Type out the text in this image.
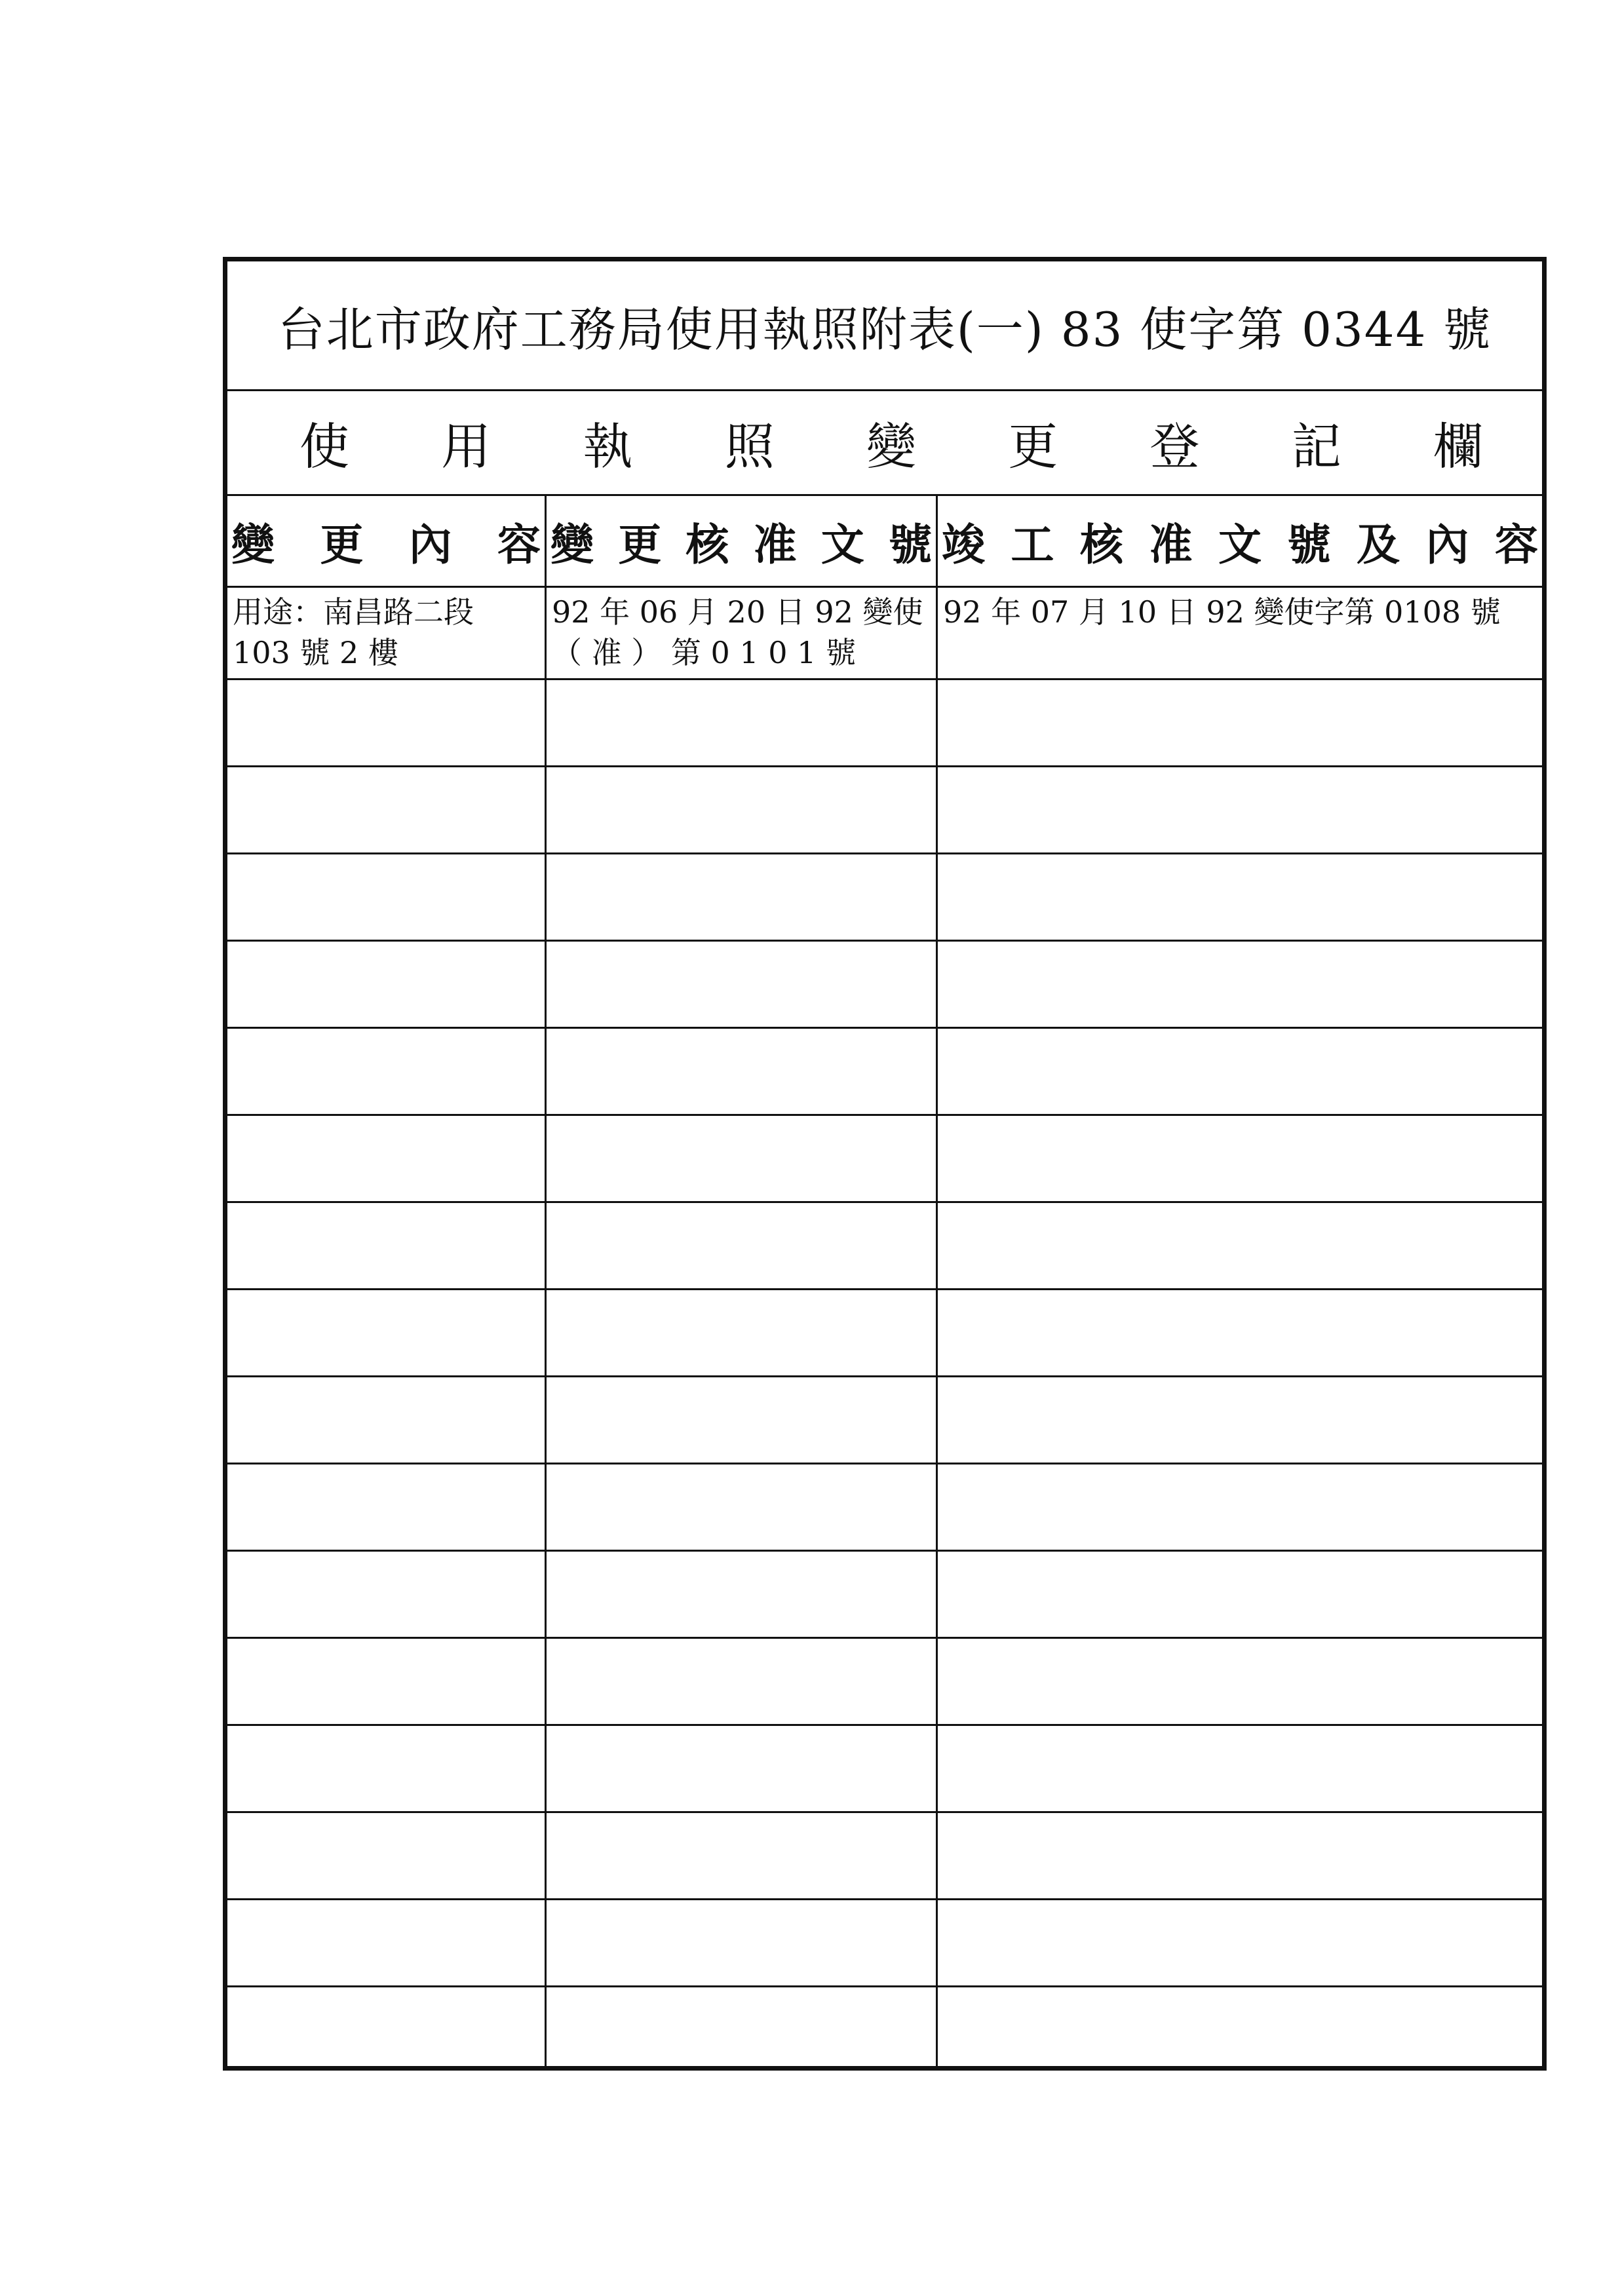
台北市政府工務局使用執照附表(一) 83 使字第 0344 號
使 用 執 照 變 更 登 記 欄
變 更 內 容 變 更 核 准 文 號 竣 工 核 准 文 號 及 內 容
用途：南昌路二段
103 號 2 樓
92 年 06 月 20 日 92 變使
（ 准 ） 第 0 1 0 1 號
92 年 07 月 10 日 92 變使字第 0108 號
